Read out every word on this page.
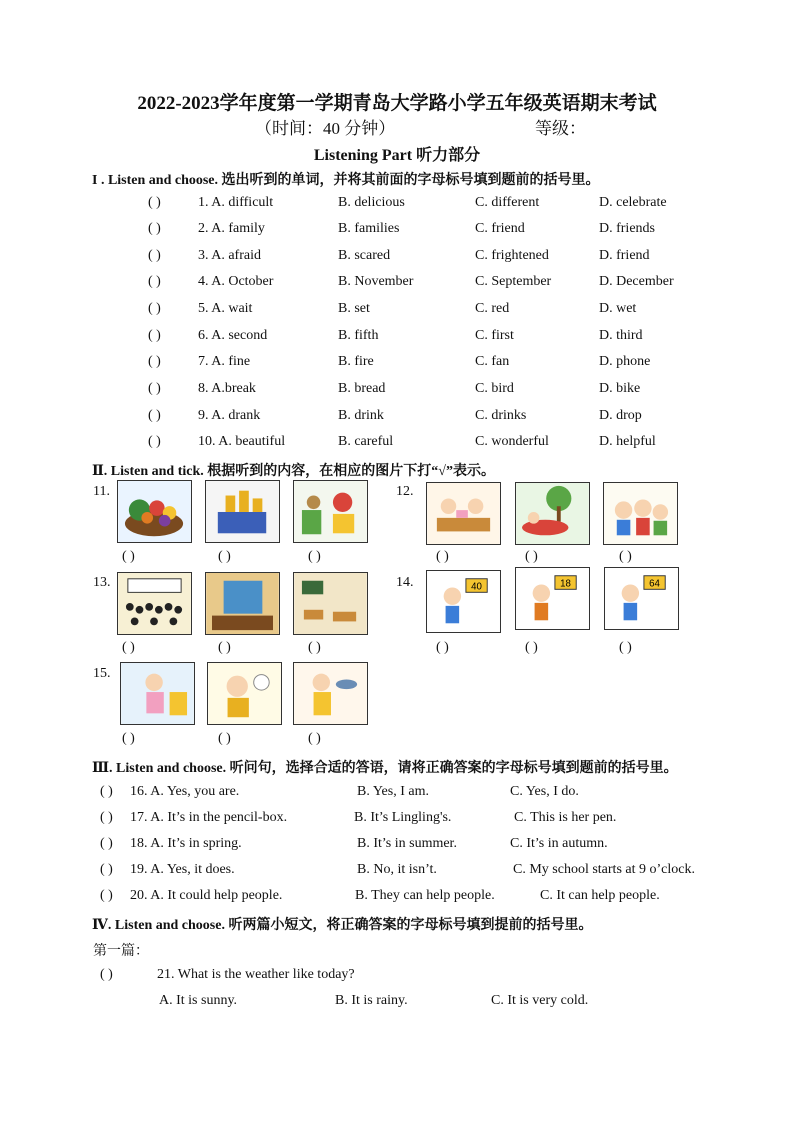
2022-2023学年度第一学期青岛大学路小学五年级英语期末考试
（时间：40 分钟）	等级：
Listening Part 听力部分
I . Listen and choose. 选出听到的单词，并将其前面的字母标号填到题前的括号里。
( )	1. A. difficult	B. delicious	C. different	D. celebrate
( )	2. A. family	B. families	C. friend	D. friends
( )	3. A. afraid	B. scared	C. frightened	D. friend
( )	4. A. October	B. November	C. September	D. December
( )	5. A. wait	B. set	C. red	D. wet
( )	6. A. second	B. fifth	C. first	D. third
( )	7. A. fine	B. fire	C. fan	D. phone
( )	8. A.break	B. bread	C. bird	D. bike
( )	9. A. drank	B. drink	C. drinks	D. drop
( )	10. A. beautiful	B. careful	C. wonderful	D. helpful
Ⅱ. Listen and tick. 根据听到的内容，在相应的图片下打“√”表示。
11.	12.
13.	14.
15.
40	18	64
( )	( )	( )	( )	( )	( )
( )	( )	( )	( )	( )	( )
( )	( )	( )
Ⅲ. Listen and choose. 听问句，选择合适的答语，请将正确答案的字母标号填到题前的括号里。
( ) 16. A. Yes, you are.	B. Yes, I am.	C. Yes, I do.
( ) 17. A. It’s in the pencil-box.	B. It’s Lingling's.	C. This is her pen.
( ) 18. A. It’s in spring.	B. It’s in summer.	C. It’s in autumn.
( ) 19. A. Yes, it does.	B. No, it isn’t.	C. My school starts at 9 o’clock.
( ) 20. A. It could help people.	B. They can help people.	C. It can help people.
Ⅳ. Listen and choose. 听两篇小短文，将正确答案的字母标号填到提前的括号里。
第一篇：
( )	21. What is the weather like today?
A. It is sunny.	B. It is rainy.	C. It is very cold.
